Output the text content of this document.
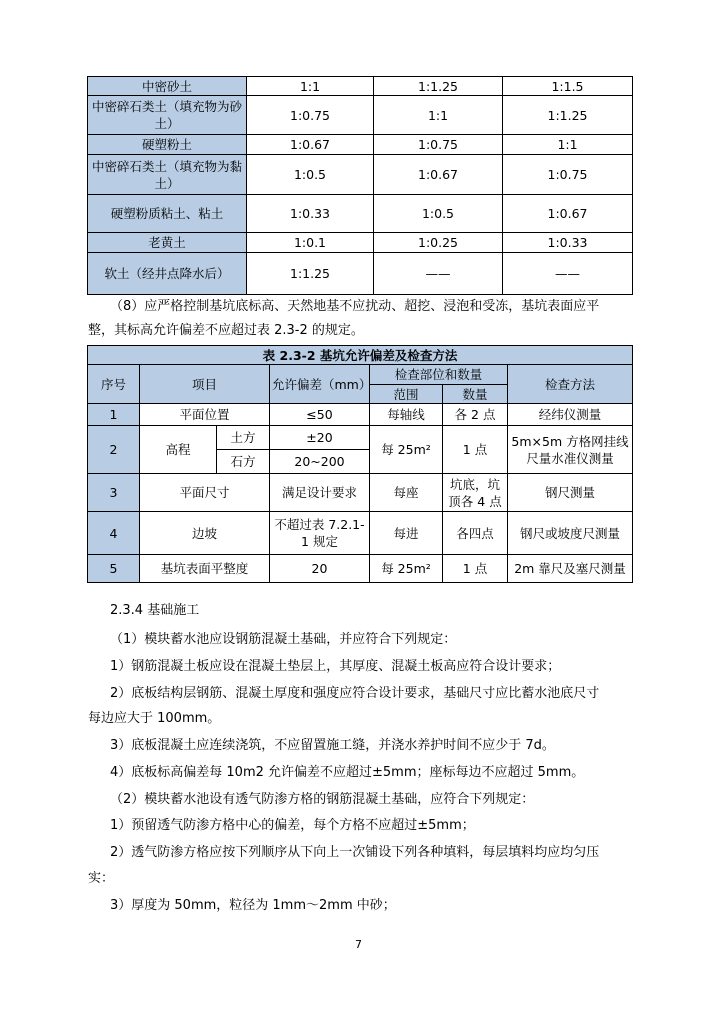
中密砂土	1:1	1:1.25	1:1.5
中密碎石类土（填充物为砂土）	1:0.75	1:1	1:1.25
硬塑粉土	1:0.67	1:0.75	1:1
中密碎石类土（填充物为黏土）	1:0.5	1:0.67	1:0.75
硬塑粉质粘土、粘土	1:0.33	1:0.5	1:0.67
老黄土	1:0.1	1:0.25	1:0.33
软土（经井点降水后）	1:1.25	——	——

（8）应严格控制基坑底标高、天然地基不应扰动、超挖、浸泡和受冻，基坑表面应平

整，其标高允许偏差不应超过表 2.3-2 的规定。

表 2.3-2 基坑允许偏差及检查方法						
序号	项目		允许偏差（mm）	检查部位和数量		检查方法
				范围	数量	
1	平面位置		≤50	每轴线	各 2 点	经纬仪测量
2	高程	土方	±20	每 25m²	1 点	5m×5m 方格网挂线尺量水准仪测量
		石方	20~200			
3	平面尺寸		满足设计要求	每座	坑底，坑顶各 4 点	钢尺测量
4	边坡		不超过表 7.2.1-1 规定	每进	各四点	钢尺或坡度尺测量
5	基坑表面平整度		20	每 25m²	1 点	2m 靠尺及塞尺测量

2.3.4 基础施工

（1）模块蓄水池应设钢筋混凝土基础，并应符合下列规定：

1）钢筋混凝土板应设在混凝土垫层上，其厚度、混凝土板高应符合设计要求；

2）底板结构层钢筋、混凝土厚度和强度应符合设计要求，基础尺寸应比蓄水池底尺寸

每边应大于 100mm。

3）底板混凝土应连续浇筑，不应留置施工缝，并浇水养护时间不应少于 7d。

4）底板标高偏差每 10m2 允许偏差不应超过±5mm；座标每边不应超过 5mm。

（2）模块蓄水池设有透气防渗方格的钢筋混凝土基础，应符合下列规定：

1）预留透气防渗方格中心的偏差，每个方格不应超过±5mm；

2）透气防渗方格应按下列顺序从下向上一次铺设下列各种填料，每层填料均应均匀压

实：

3）厚度为 50mm，粒径为 1mm～2mm 中砂；

7
